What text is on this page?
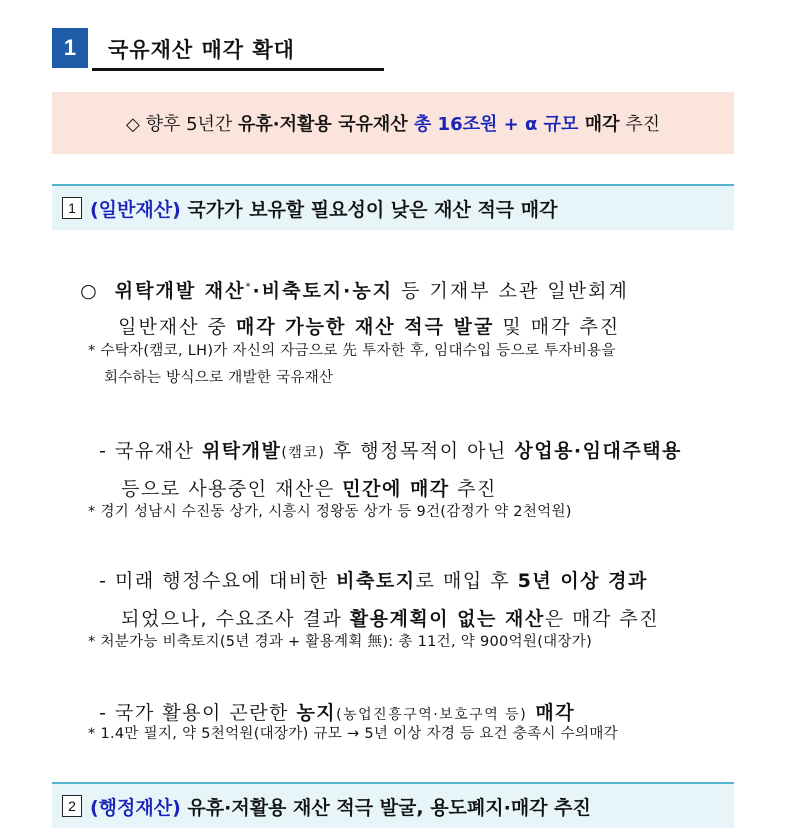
1	국유재산 매각 확대
◇ 향후 5년간 유휴·저활용 국유재산 총 16조원 + α 규모 매각 추진
1 (일반재산) 국가가 보유할 필요성이 낮은 재산 적극 매각

○ 위탁개발 재산*·비축토지·농지 등 기재부 소관 일반회계

일반재산 중 매각 가능한 재산 적극 발굴 및 매각 추진

* 수탁자(캠코, LH)가 자신의 자금으로 先 투자한 후, 임대수입 등으로 투자비용을
회수하는 방식으로 개발한 국유재산

- 국유재산 위탁개발(캠코) 후 행정목적이 아닌 상업용·임대주택용

등으로 사용중인 재산은 민간에 매각 추진

* 경기 성남시 수진동 상가, 시흥시 정왕동 상가 등 9건(감정가 약 2천억원)

- 미래 행정수요에 대비한 비축토지로 매입 후 5년 이상 경과

되었으나, 수요조사 결과 활용계획이 없는 재산은 매각 추진

* 처분가능 비축토지(5년 경과 + 활용계획 無): 총 11건, 약 900억원(대장가)

- 국가 활용이 곤란한 농지(농업진흥구역·보호구역 등) 매각

* 1.4만 필지, 약 5천억원(대장가) 규모 → 5년 이상 자경 등 요건 충족시 수의매각
2 (행정재산) 유휴·저활용 재산 적극 발굴, 용도폐지·매각 추진
